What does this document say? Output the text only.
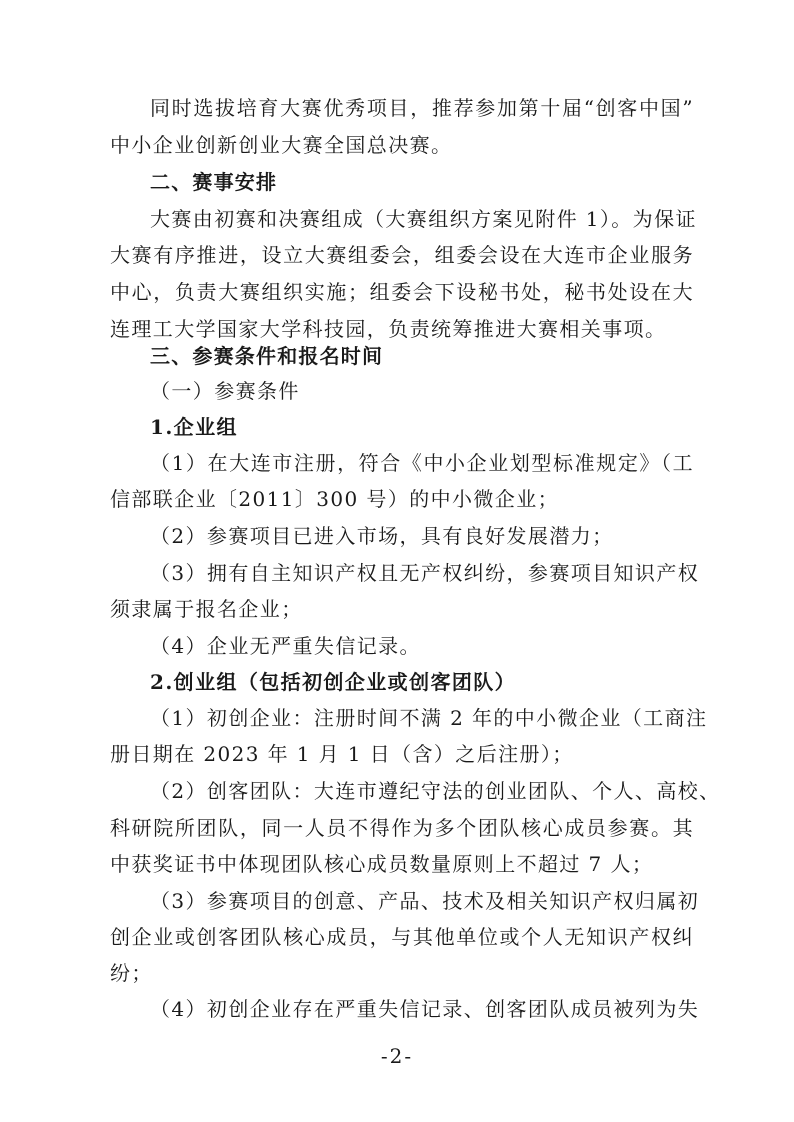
同时选拔培育大赛优秀项目，推荐参加第十届“创客中国”
中小企业创新创业大赛全国总决赛。
二、赛事安排
大赛由初赛和决赛组成（大赛组织方案见附件 1）。为保证
大赛有序推进，设立大赛组委会，组委会设在大连市企业服务
中心，负责大赛组织实施；组委会下设秘书处，秘书处设在大
连理工大学国家大学科技园，负责统筹推进大赛相关事项。
三、参赛条件和报名时间
（一）参赛条件
1.企业组
（1）在大连市注册，符合《中小企业划型标准规定》（工
信部联企业〔2011〕300 号）的中小微企业；
（2）参赛项目已进入市场，具有良好发展潜力；
（3）拥有自主知识产权且无产权纠纷，参赛项目知识产权
须隶属于报名企业；
（4）企业无严重失信记录。
2.创业组（包括初创企业或创客团队）
（1）初创企业：注册时间不满 2 年的中小微企业（工商注
册日期在 2023 年 1 月 1 日（含）之后注册）；
（2）创客团队：大连市遵纪守法的创业团队、个人、高校、
科研院所团队，同一人员不得作为多个团队核心成员参赛。其
中获奖证书中体现团队核心成员数量原则上不超过 7 人；
（3）参赛项目的创意、产品、技术及相关知识产权归属初
创企业或创客团队核心成员，与其他单位或个人无知识产权纠
纷；
（4）初创企业存在严重失信记录、创客团队成员被列为失
-2-
